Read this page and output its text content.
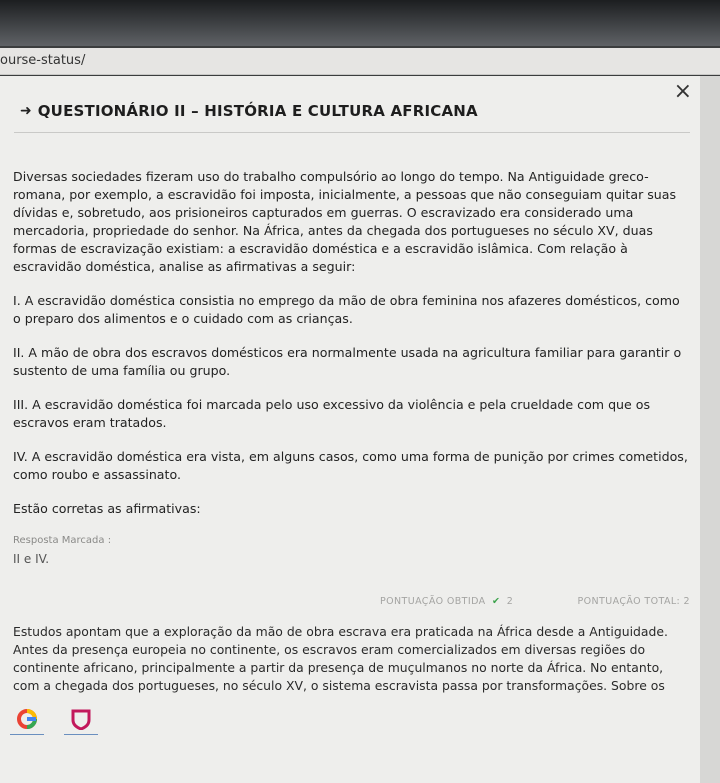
ourse-status/
×
➜ QUESTIONÁRIO II – HISTÓRIA E CULTURA AFRICANA

Diversas sociedades fizeram uso do trabalho compulsório ao longo do tempo. Na Antiguidade greco-romana, por exemplo, a escravidão foi imposta, inicialmente, a pessoas que não conseguiam quitar suas dívidas e, sobretudo, aos prisioneiros capturados em guerras. O escravizado era considerado uma mercadoria, propriedade do senhor. Na África, antes da chegada dos portugueses no século XV, duas formas de escravização existiam: a escravidão doméstica e a escravidão islâmica. Com relação à escravidão doméstica, analise as afirmativas a seguir:

I. A escravidão doméstica consistia no emprego da mão de obra feminina nos afazeres domésticos, como o preparo dos alimentos e o cuidado com as crianças.

II. A mão de obra dos escravos domésticos era normalmente usada na agricultura familiar para garantir o sustento de uma família ou grupo.

III. A escravidão doméstica foi marcada pelo uso excessivo da violência e pela crueldade com que os escravos eram tratados.

IV. A escravidão doméstica era vista, em alguns casos, como uma forma de punição por crimes cometidos, como roubo e assassinato.

Estão corretas as afirmativas:

Resposta Marcada :

II e IV.

PONTUAÇÃO OBTIDA ✔ 2	PONTUAÇÃO TOTAL: 2

Estudos apontam que a exploração da mão de obra escrava era praticada na África desde a Antiguidade. Antes da presença europeia no continente, os escravos eram comercializados em diversas regiões do continente africano, principalmente a partir da presença de muçulmanos no norte da África. No entanto, com a chegada dos portugueses, no século XV, o sistema escravista passa por transformações. Sobre os
